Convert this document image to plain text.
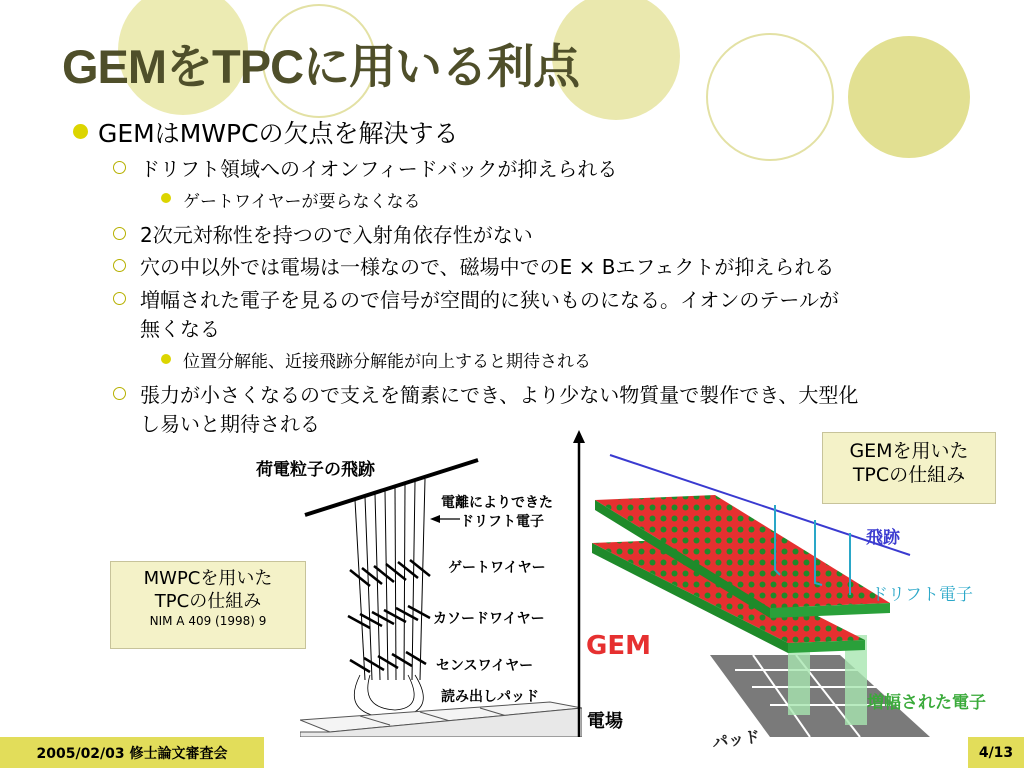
GEMをTPCに用いる利点
GEMはMWPCの欠点を解決する
ドリフト領域へのイオンフィードバックが抑えられる
ゲートワイヤーが要らなくなる
2次元対称性を持つので入射角依存性がない
穴の中以外では電場は一様なので、磁場中でのE × Bエフェクトが抑えられる
増幅された電子を見るので信号が空間的に狭いものになる。イオンのテールが
無くなる
位置分解能、近接飛跡分解能が向上すると期待される
張力が小さくなるので支えを簡素にでき、より少ない物質量で製作でき、大型化
し易いと期待される
荷電粒子の飛跡
電離によりできた
ドリフト電子
ゲートワイヤー
カソードワイヤー
センスワイヤー
読み出しパッド
MWPCを用いた
TPCの仕組み
NIM A 409 (1998) 9
飛跡
ドリフト電子
GEM
増幅された電子
電場
パッド
GEMを用いた
TPCの仕組み
2005/02/03 修士論文審査会	4/13
